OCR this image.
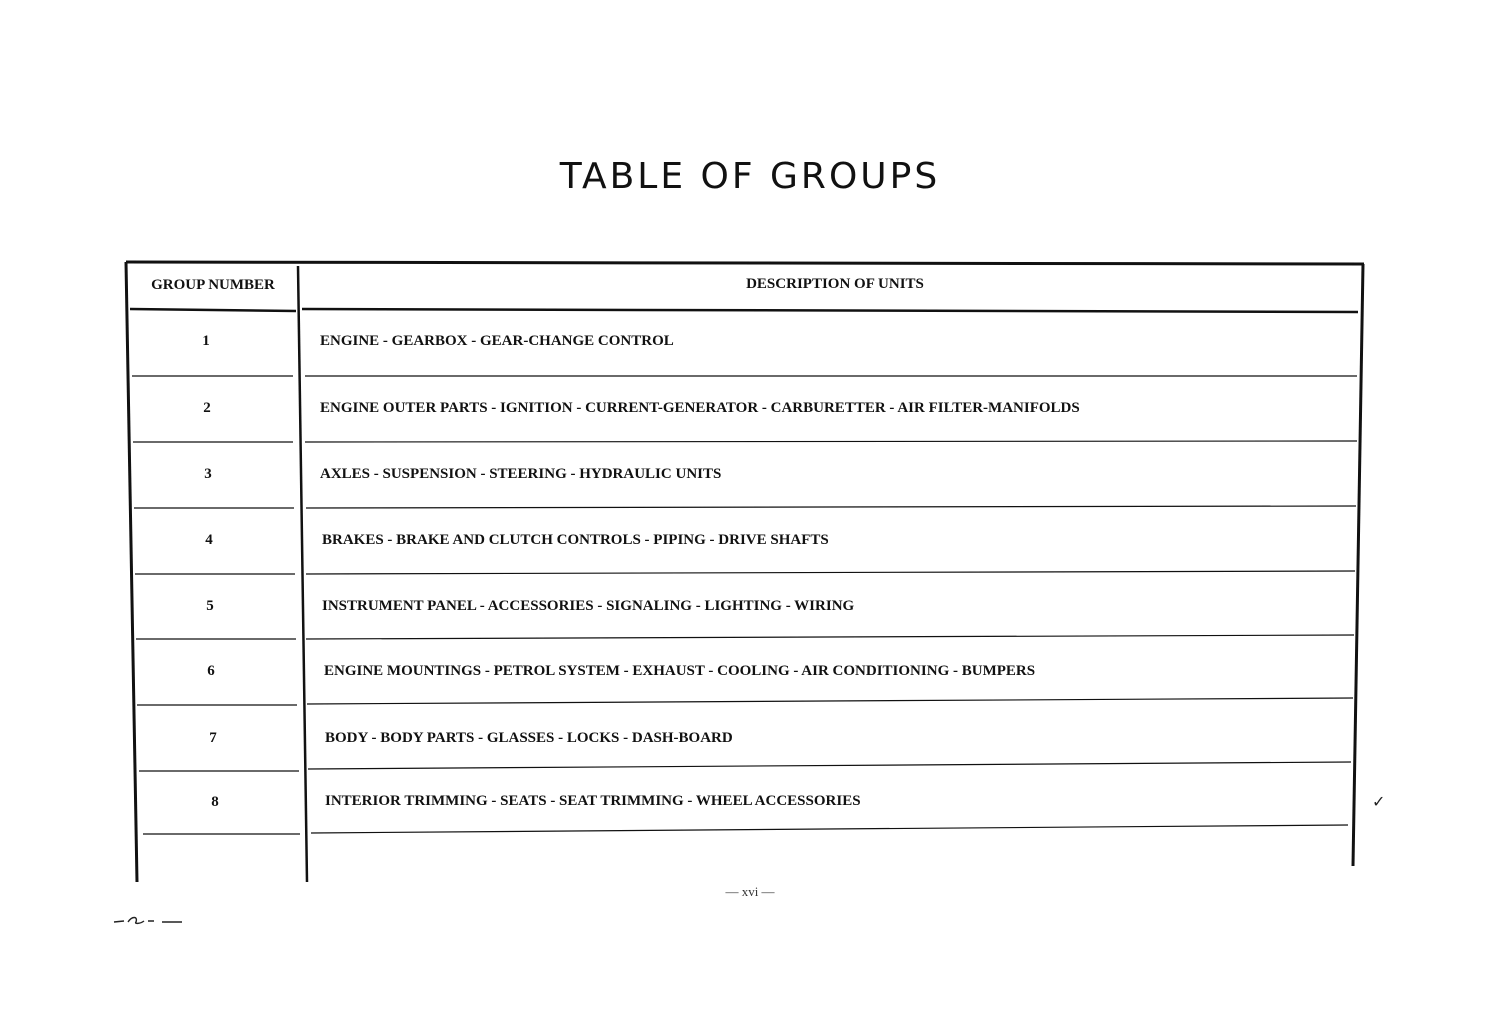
TABLE OF GROUPS
GROUP NUMBER	DESCRIPTION OF UNITS
1	ENGINE - GEARBOX - GEAR-CHANGE CONTROL
2	ENGINE OUTER PARTS - IGNITION - CURRENT-GENERATOR - CARBURETTER - AIR FILTER-MANIFOLDS
3	AXLES - SUSPENSION - STEERING - HYDRAULIC UNITS
4	BRAKES - BRAKE AND CLUTCH CONTROLS - PIPING - DRIVE SHAFTS
5	INSTRUMENT PANEL - ACCESSORIES - SIGNALING - LIGHTING - WIRING
6	ENGINE MOUNTINGS - PETROL SYSTEM - EXHAUST - COOLING - AIR CONDITIONING - BUMPERS
7	BODY - BODY PARTS - GLASSES - LOCKS - DASH-BOARD
8	INTERIOR TRIMMING - SEATS - SEAT TRIMMING - WHEEL ACCESSORIES	✓
— xvi —
